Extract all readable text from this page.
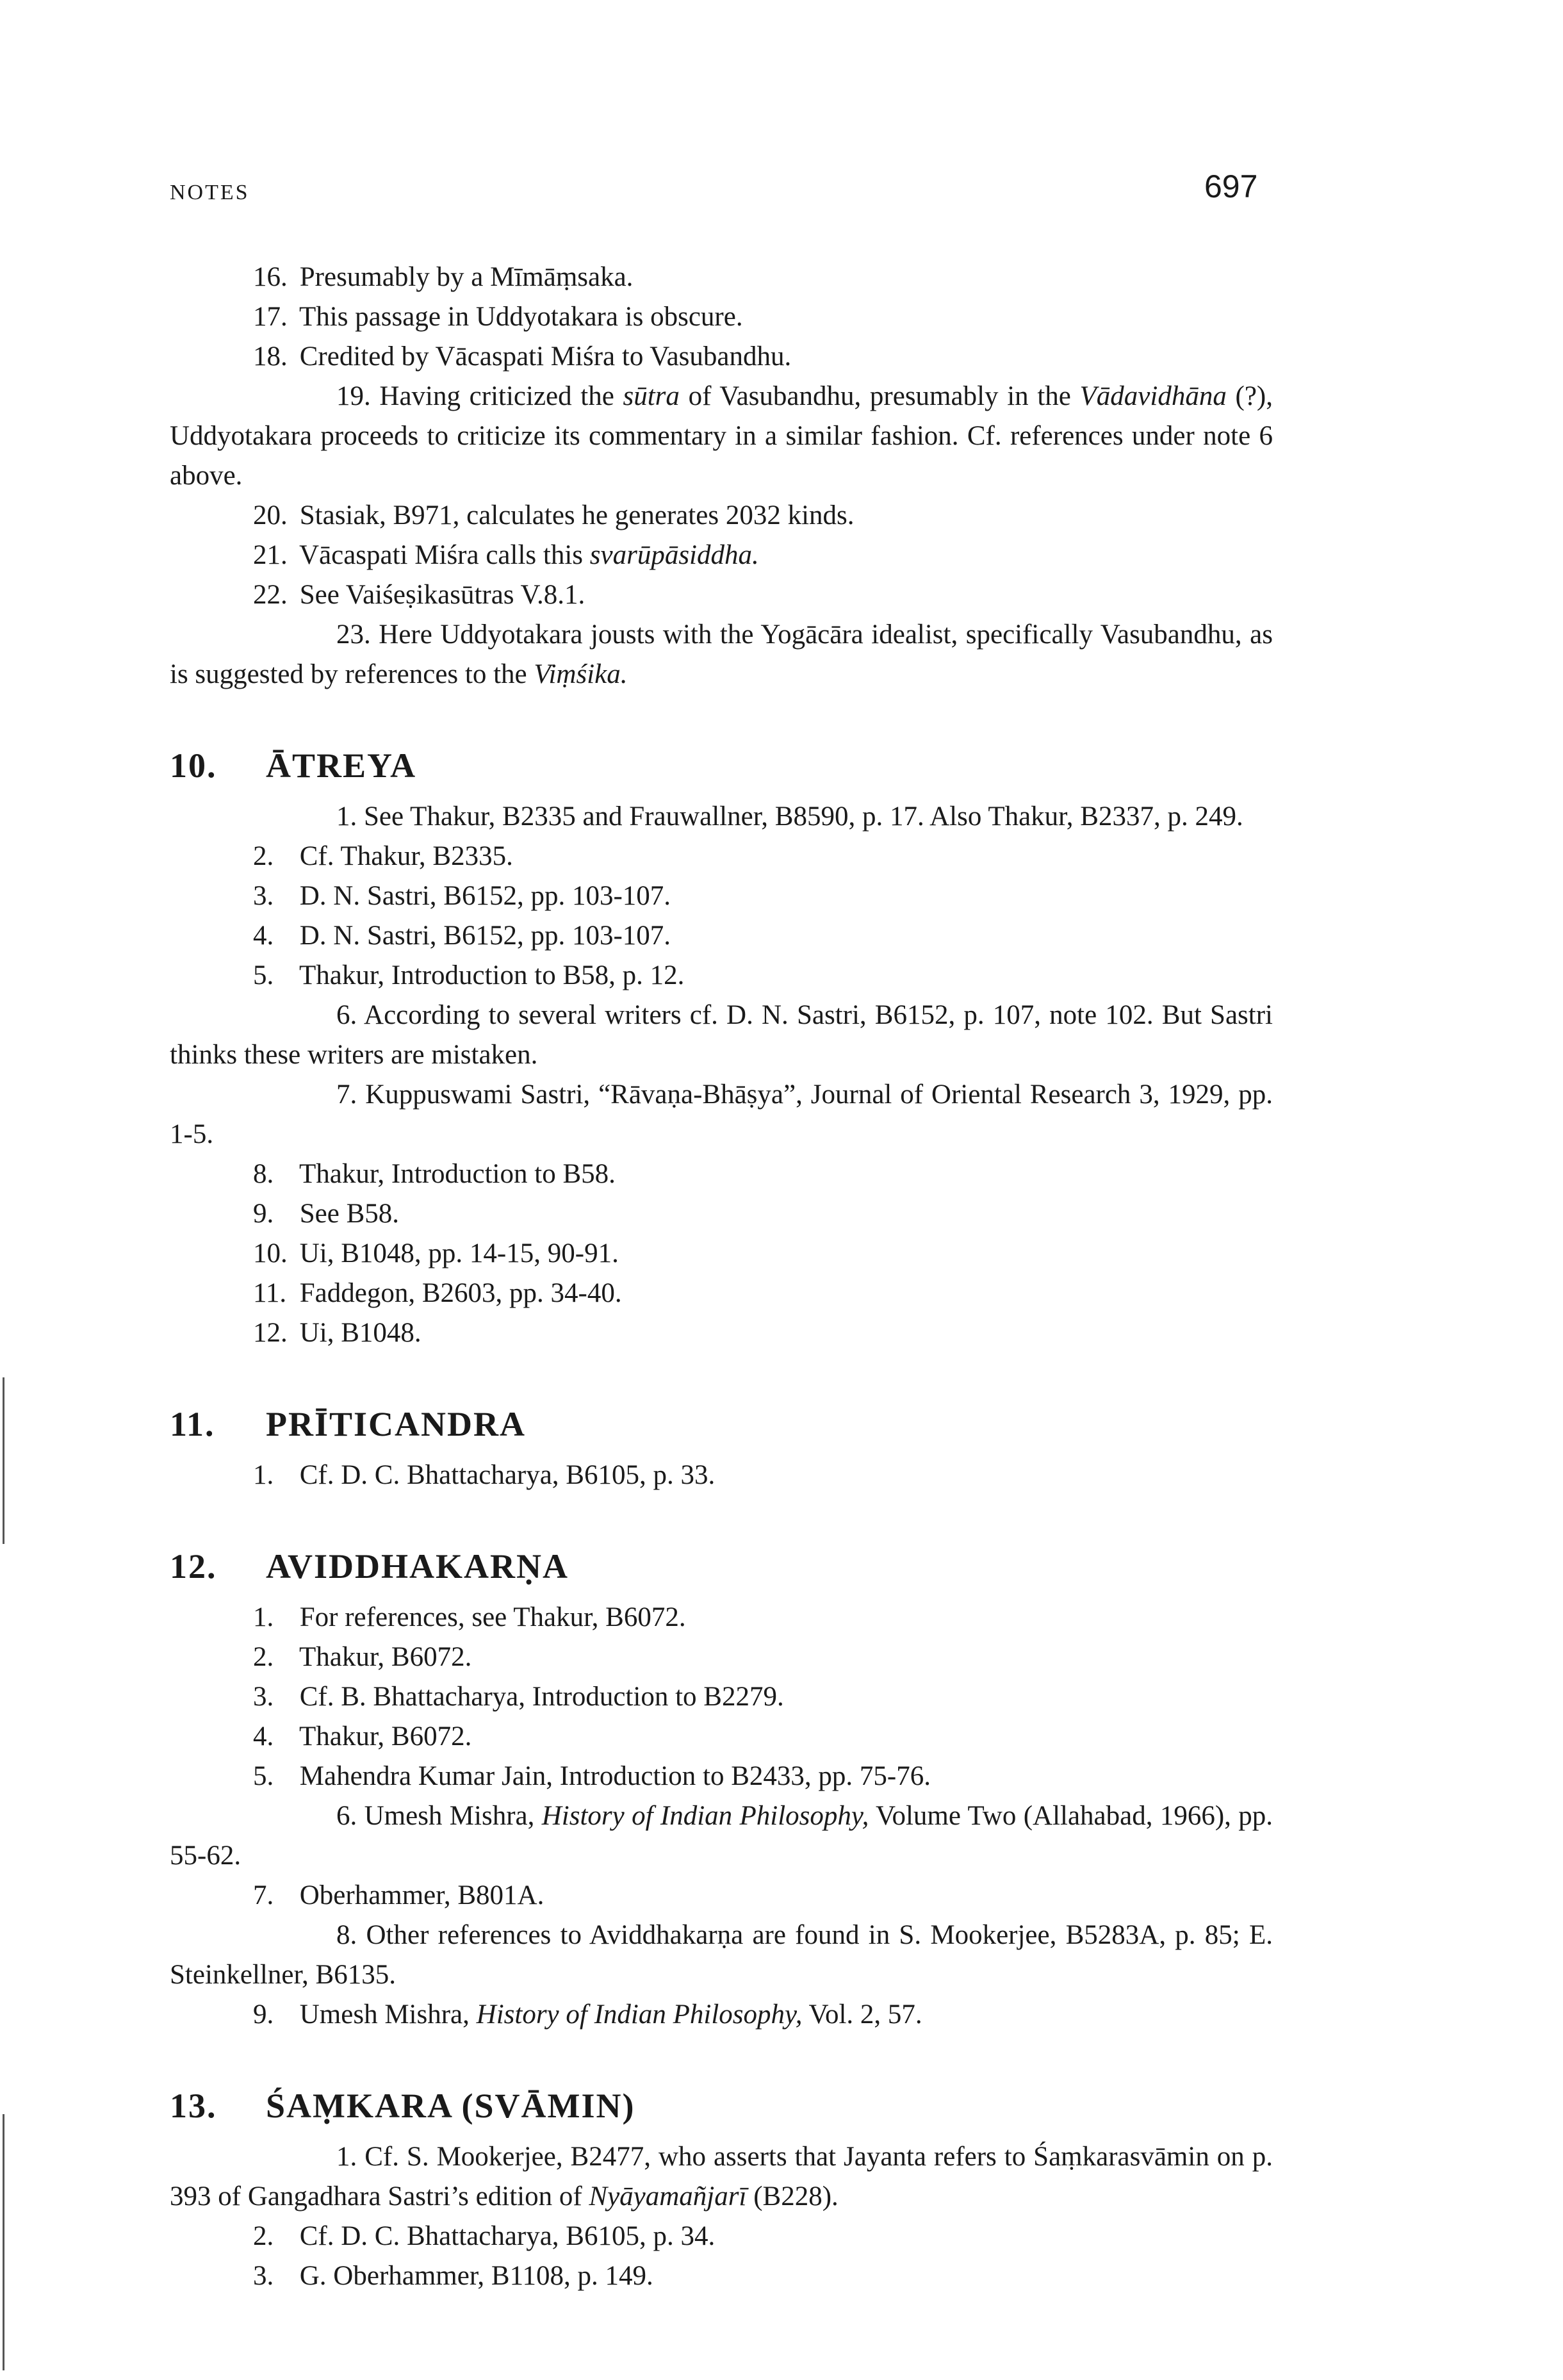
NOTES	697

16. Presumably by a Mīmāṃsaka.

17. This passage in Uddyotakara is obscure.

18. Credited by Vācaspati Miśra to Vasubandhu.

19. Having criticized the sūtra of Vasubandhu, presumably in the Vādavidhāna (?), Uddyotakara proceeds to criticize its commentary in a similar fashion. Cf. references under note 6 above.

20. Stasiak, B971, calculates he generates 2032 kinds.

21. Vācaspati Miśra calls this svarūpāsiddha.

22. See Vaiśeṣikasūtras V.8.1.

23. Here Uddyotakara jousts with the Yogācāra idealist, specifically Vasubandhu, as is suggested by references to the Viṃśika.

10. ĀTREYA

1. See Thakur, B2335 and Frauwallner, B8590, p. 17. Also Thakur, B2337, p. 249.

2. Cf. Thakur, B2335.

3. D. N. Sastri, B6152, pp. 103-107.

4. D. N. Sastri, B6152, pp. 103-107.

5. Thakur, Introduction to B58, p. 12.

6. According to several writers cf. D. N. Sastri, B6152, p. 107, note 102. But Sastri thinks these writers are mistaken.

7. Kuppuswami Sastri, “Rāvaṇa-Bhāṣya”, Journal of Oriental Research 3, 1929, pp. 1-5.

8. Thakur, Introduction to B58.

9. See B58.

10. Ui, B1048, pp. 14-15, 90-91.

11. Faddegon, B2603, pp. 34-40.

12. Ui, B1048.

11. PRĪTICANDRA

1. Cf. D. C. Bhattacharya, B6105, p. 33.

12. AVIDDHAKARṆA

1. For references, see Thakur, B6072.

2. Thakur, B6072.

3. Cf. B. Bhattacharya, Introduction to B2279.

4. Thakur, B6072.

5. Mahendra Kumar Jain, Introduction to B2433, pp. 75-76.

6. Umesh Mishra, History of Indian Philosophy, Volume Two (Allahabad, 1966), pp. 55-62.

7. Oberhammer, B801A.

8. Other references to Aviddhakarṇa are found in S. Mookerjee, B5283A, p. 85; E. Steinkellner, B6135.

9. Umesh Mishra, History of Indian Philosophy, Vol. 2, 57.

13. ŚAṂKARA (SVĀMIN)

1. Cf. S. Mookerjee, B2477, who asserts that Jayanta refers to Śaṃkarasvāmin on p. 393 of Gangadhara Sastri’s edition of Nyāyamañjarī (B228).

2. Cf. D. C. Bhattacharya, B6105, p. 34.

3. G. Oberhammer, B1108, p. 149.
